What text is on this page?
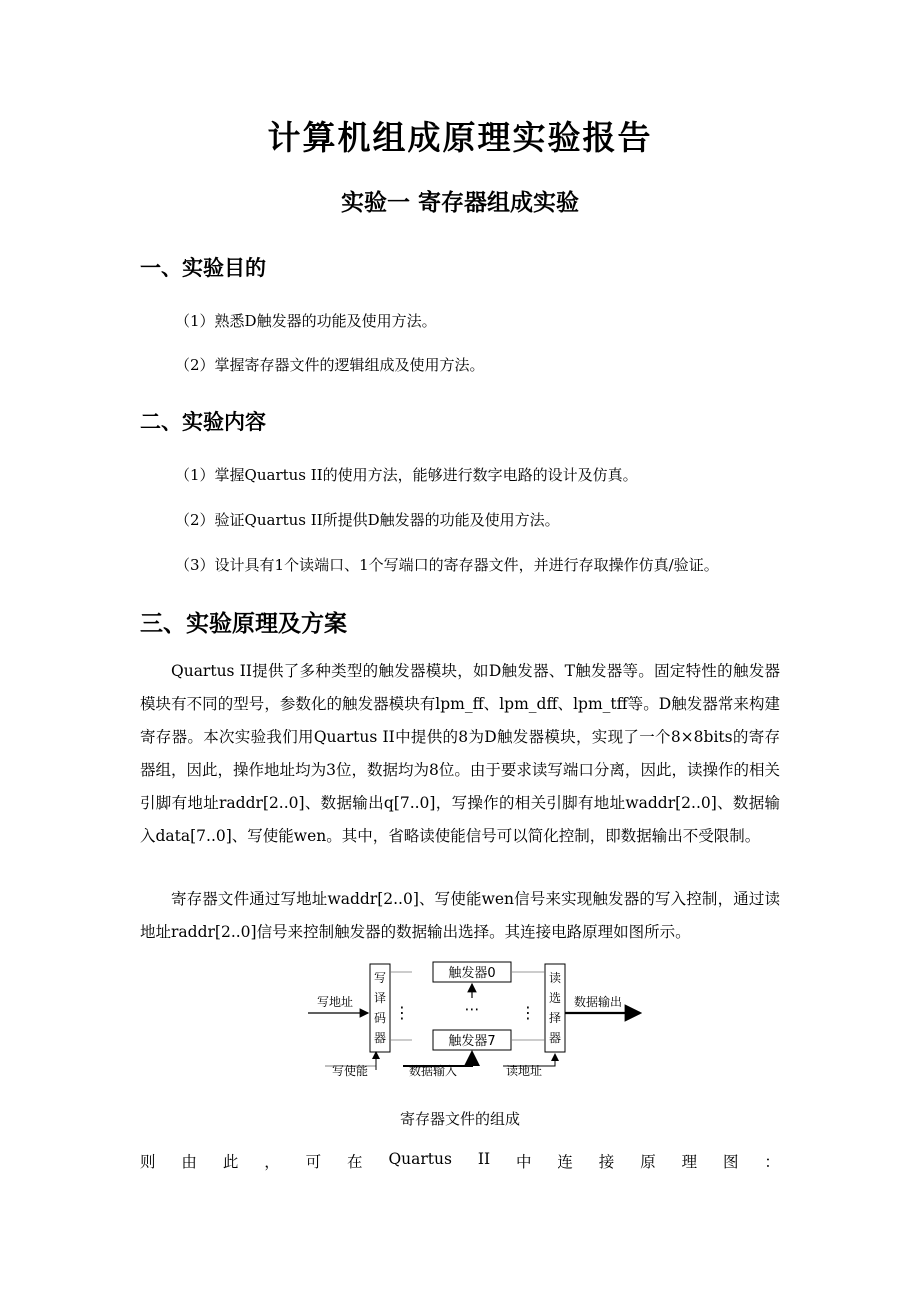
计算机组成原理实验报告
实验一 寄存器组成实验
一、实验目的
（1）熟悉D触发器的功能及使用方法。
（2）掌握寄存器文件的逻辑组成及使用方法。
二、实验内容
（1）掌握Quartus II的使用方法，能够进行数字电路的设计及仿真。
（2）验证Quartus II所提供D触发器的功能及使用方法。
（3）设计具有1个读端口、1个写端口的寄存器文件，并进行存取操作仿真/验证。
三、实验原理及方案

Quartus II提供了多种类型的触发器模块，如D触发器、T触发器等。固定特性的触发器模块有不同的型号，参数化的触发器模块有lpm_ff、lpm_dff、lpm_tff等。D触发器常来构建寄存器。本次实验我们用Quartus II中提供的8为D触发器模块，实现了一个8×8bits的寄存器组，因此，操作地址均为3位，数据均为8位。由于要求读写端口分离，因此，读操作的相关引脚有地址raddr[2..0]、数据输出q[7..0]，写操作的相关引脚有地址waddr[2..0]、数据输入data[7..0]、写使能wen。其中，省略读使能信号可以简化控制，即数据输出不受限制。

寄存器文件通过写地址waddr[2..0]、写使能wen信号来实现触发器的写入控制，通过读地址raddr[2..0]信号来控制触发器的数据输出选择。其连接电路原理如图所示。

写
译
码
器
读
选
择
器
触发器0
触发器7
⋮	⋮
⋯
写地址
写使能	数据输入	读地址
数据输出
寄存器文件的组成
则 由 此 ， 可 在 Quartus II 中 连 接 原 理 图 ：
